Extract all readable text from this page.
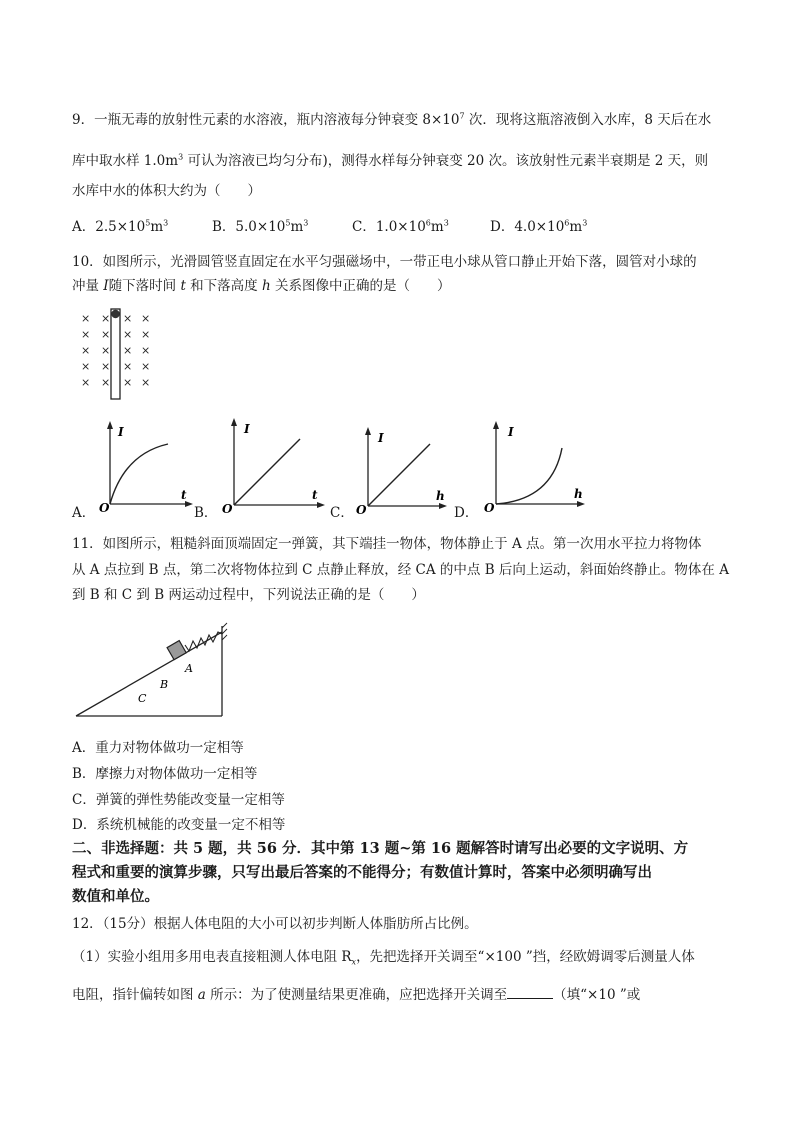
9．一瓶无毒的放射性元素的水溶液，瓶内溶液每分钟衰变 $8\times 10^7$ 次．现将这瓶溶液倒入水库，8 天后在水
库中取水样 $1.0m^3$ 可认为溶液已均匀分布)，测得水样每分钟衰变 20 次。该放射性元素半衰期是 2 天，则
水库中水的体积大约为（　　）
A．$2.5\times 10^5m^3$	B．$5.0\times 10^5m^3$	C．$1.0\times 10^6m^3$	D．$4.0\times 10^6m^3$
10．如图所示，光滑圆管竖直固定在水平匀强磁场中，一带正电小球从管口静止开始下落，圆管对小球的
冲量 I随下落时间 t 和下落高度 h 关系图像中正确的是（　　）
× × × ×
× × × ×
× × × ×
× × × ×
× × × ×
A．
I
t
O	B．
I
t
O	C．
I
h
O	D．
I
h
O
11．如图所示，粗糙斜面顶端固定一弹簧，其下端挂一物体，物体静止于 A 点。第一次用水平拉力将物体
从 A 点拉到 B 点，第二次将物体拉到 C 点静止释放，经 CA 的中点 B 后向上运动，斜面始终静止。物体在 A
到 B 和 C 到 B 两运动过程中，下列说法正确的是（　　）
A
B
C
A．重力对物体做功一定相等
B．摩擦力对物体做功一定相等
C．弹簧的弹性势能改变量一定相等
D．系统机械能的改变量一定不相等
二、非选择题：共 5 题，共 56 分．其中第 13 题~第 16 题解答时请写出必要的文字说明、方
程式和重要的演算步骤，只写出最后答案的不能得分；有数值计算时，答案中必须明确写出
数值和单位。
12．（15分）根据人体电阻的大小可以初步判断人体脂肪所占比例。
（1）实验小组用多用电表直接粗测人体电阻 $R_x$，先把选择开关调至“×100 ”挡，经欧姆调零后测量人体
电阻，指针偏转如图 a 所示：为了使测量结果更准确，应把选择开关调至	（填“×10 ”或
